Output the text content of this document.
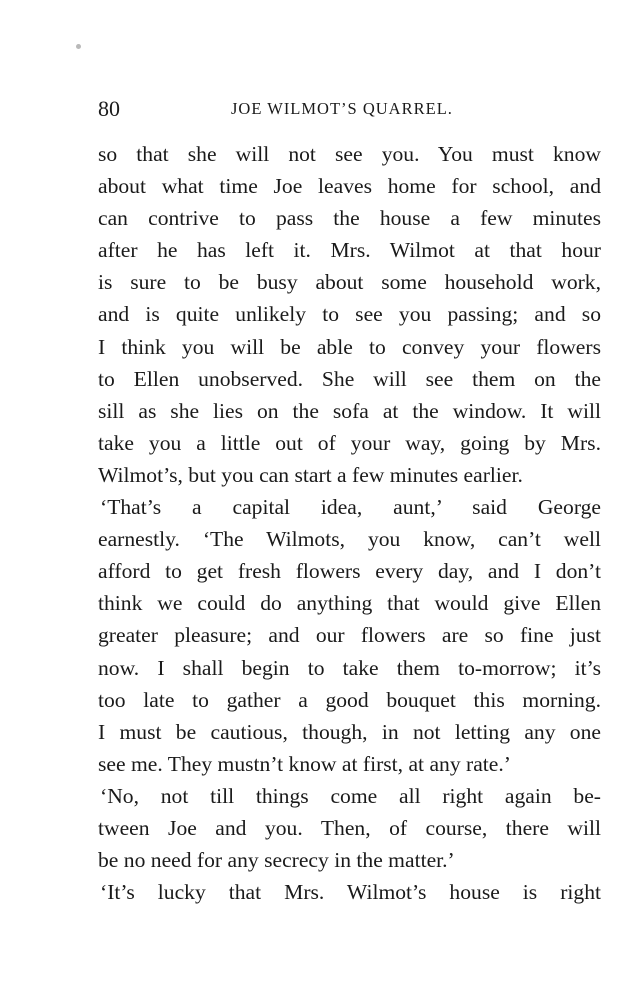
80	JOE WILMOT’S QUARREL.
so that she will not see you. You must know
about what time Joe leaves home for school, and
can contrive to pass the house a few minutes
after he has left it. Mrs. Wilmot at that hour
is sure to be busy about some household work,
and is quite unlikely to see you passing; and so
I think you will be able to convey your flowers
to Ellen unobserved. She will see them on the
sill as she lies on the sofa at the window. It will
take you a little out of your way, going by Mrs.
Wilmot’s, but you can start a few minutes earlier.
‘That’s a capital idea, aunt,’ said George
earnestly. ‘The Wilmots, you know, can’t well
afford to get fresh flowers every day, and I don’t
think we could do anything that would give Ellen
greater pleasure; and our flowers are so fine just
now. I shall begin to take them to-morrow; it’s
too late to gather a good bouquet this morning.
I must be cautious, though, in not letting any one
see me. They mustn’t know at first, at any rate.’
‘No, not till things come all right again be-
tween Joe and you. Then, of course, there will
be no need for any secrecy in the matter.’
‘It’s lucky that Mrs. Wilmot’s house is right
